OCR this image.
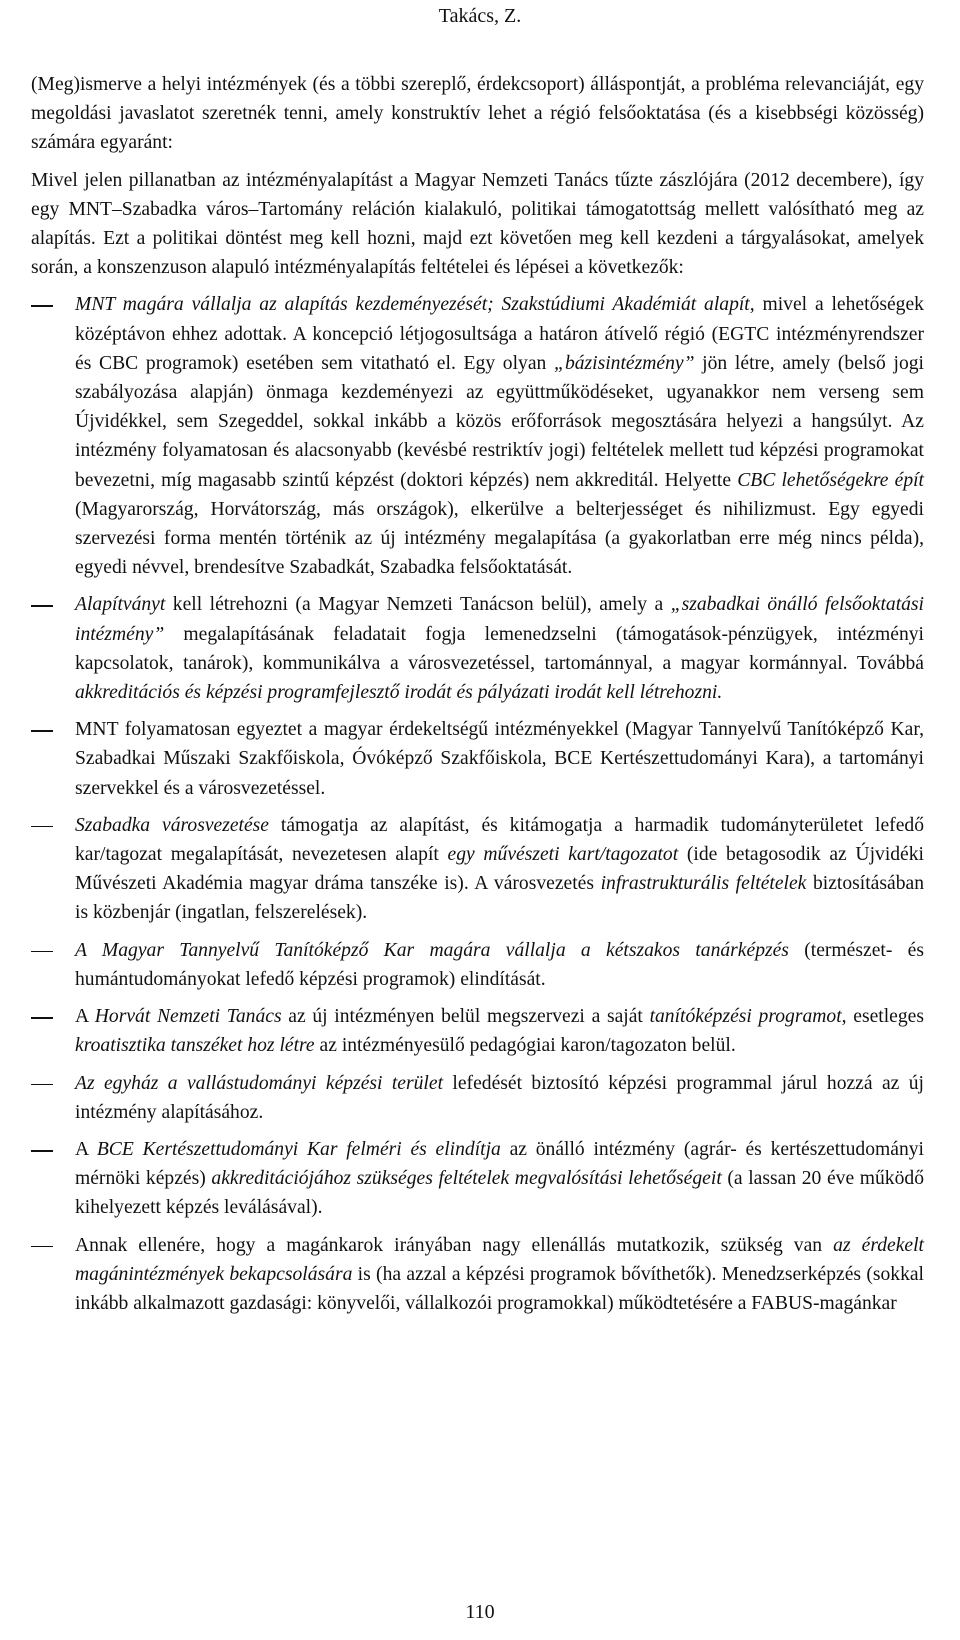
Takács, Z.

(Meg)ismerve a helyi intézmények (és a többi szereplő, érdekcsoport) álláspontját, a probléma relevanciáját, egy megoldási javaslatot szeretnék tenni, amely konstruktív lehet a régió felsőoktatása (és a kisebbségi közösség) számára egyaránt:

Mivel jelen pillanatban az intézményalapítást a Magyar Nemzeti Tanács tűzte zászlójára (2012 decembere), így egy MNT–Szabadka város–Tartomány reláción kialakuló, politikai támogatottság mellett valósítható meg az alapítás. Ezt a politikai döntést meg kell hozni, majd ezt követően meg kell kezdeni a tárgyalásokat, amelyek során, a konszenzuson alapuló intézményalapítás feltételei és lépései a következők:

MNT magára vállalja az alapítás kezdeményezését; Szakstúdiumi Akadémiát alapít, mivel a lehetőségek középtávon ehhez adottak. A koncepció létjogosultsága a határon átívelő régió (EGTC intézményrendszer és CBC programok) esetében sem vitatható el. Egy olyan „bázisintézmény” jön létre, amely (belső jogi szabályozása alapján) önmaga kezdeményezi az együttműködéseket, ugyanakkor nem verseng sem Újvidékkel, sem Szegeddel, sokkal inkább a közös erőforrások megosztására helyezi a hangsúlyt. Az intézmény folyamatosan és alacsonyabb (kevésbé restriktív jogi) feltételek mellett tud képzési programokat bevezetni, míg magasabb szintű képzést (doktori képzés) nem akkreditál. Helyette CBC lehetőségekre épít (Magyarország, Horvátország, más országok), elkerülve a belterjességet és nihilizmust. Egy egyedi szervezési forma mentén történik az új intézmény megalapítása (a gyakorlatban erre még nincs példa), egyedi névvel, brendesítve Szabadkát, Szabadka felsőoktatását.
Alapítványt kell létrehozni (a Magyar Nemzeti Tanácson belül), amely a „szabadkai önálló felsőoktatási intézmény” megalapításának feladatait fogja lemenedzselni (támogatások-pénzügyek, intézményi kapcsolatok, tanárok), kommunikálva a városvezetéssel, tartománnyal, a magyar kormánnyal. Továbbá akkreditációs és képzési programfejlesztő irodát és pályázati irodát kell létrehozni.
MNT folyamatosan egyeztet a magyar érdekeltségű intézményekkel (Magyar Tannyelvű Tanítóképző Kar, Szabadkai Műszaki Szakfőiskola, Óvóképző Szakfőiskola, BCE Kertészettudományi Kara), a tartományi szervekkel és a városvezetéssel.
Szabadka városvezetése támogatja az alapítást, és kitámogatja a harmadik tudományterületet lefedő kar/tagozat megalapítását, nevezetesen alapít egy művészeti kart/tagozatot (ide betagosodik az Újvidéki Művészeti Akadémia magyar dráma tanszéke is). A városvezetés infrastrukturális feltételek biztosításában is közbenjár (ingatlan, felszerelések).
A Magyar Tannyelvű Tanítóképző Kar magára vállalja a kétszakos tanárképzés (természet- és humántudományokat lefedő képzési programok) elindítását.
A Horvát Nemzeti Tanács az új intézményen belül megszervezi a saját tanítóképzési programot, esetleges kroatisztika tanszéket hoz létre az intézményesülő pedagógiai karon/tagozaton belül.
Az egyház a vallástudományi képzési terület lefedését biztosító képzési programmal járul hozzá az új intézmény alapításához.
A BCE Kertészettudományi Kar felméri és elindítja az önálló intézmény (agrár- és kertészettudományi mérnöki képzés) akkreditációjához szükséges feltételek megvalósítási lehetőségeit (a lassan 20 éve működő kihelyezett képzés leválásával).
Annak ellenére, hogy a magánkarok irányában nagy ellenállás mutatkozik, szükség van az érdekelt magánintézmények bekapcsolására is (ha azzal a képzési programok bővíthetők). Menedzserképzés (sokkal inkább alkalmazott gazdasági: könyvelői, vállalkozói programokkal) működtetésére a FABUS-magánkar
110
